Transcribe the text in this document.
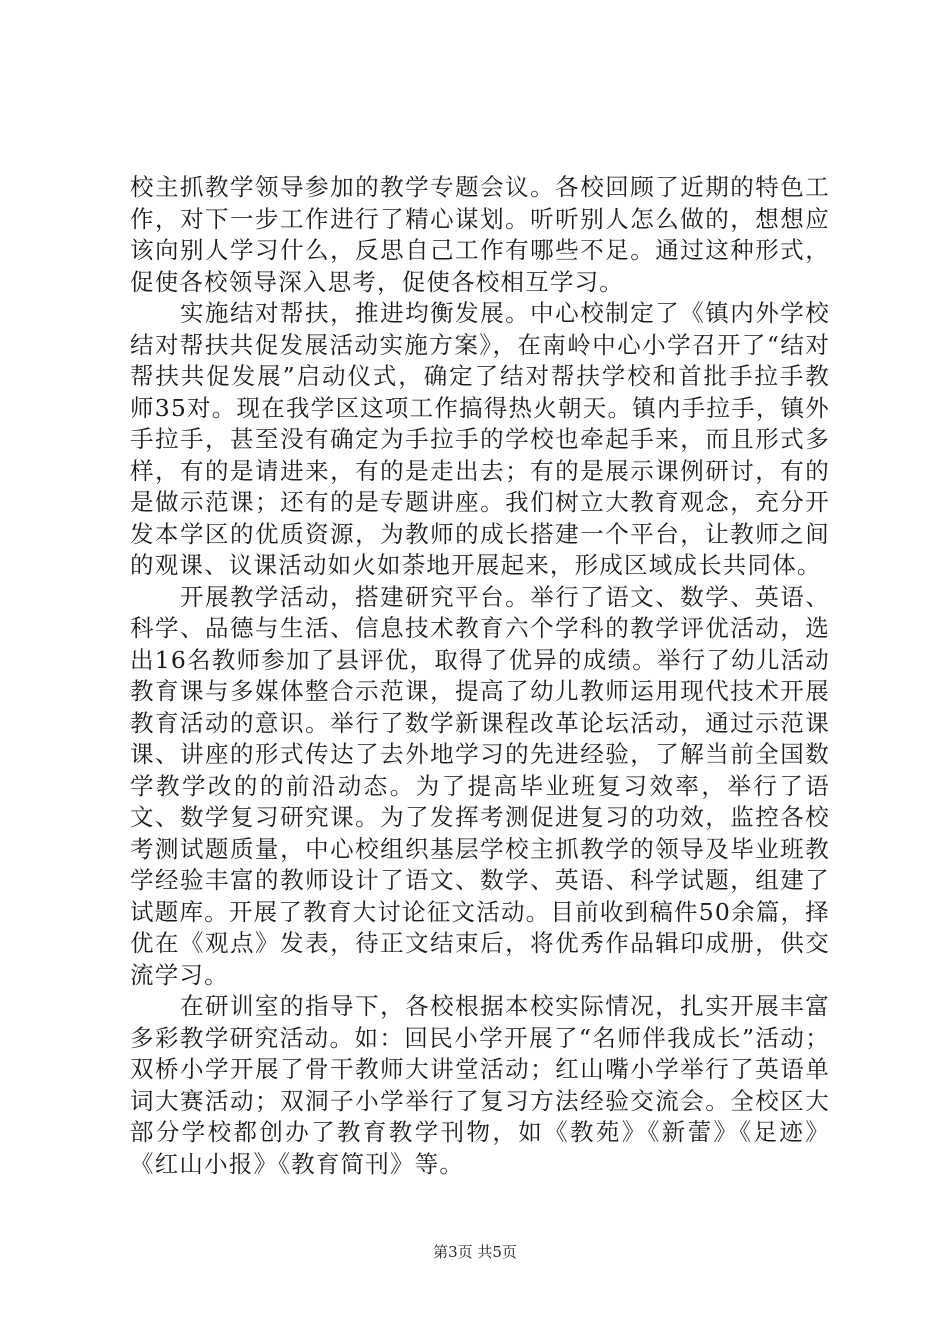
校主抓教学领导参加的教学专题会议。各校回顾了近期的特色工作，对下一步工作进行了精心谋划。听听别人怎么做的，想想应该向别人学习什么，反思自己工作有哪些不足。通过这种形式，促使各校领导深入思考，促使各校相互学习。

实施结对帮扶，推进均衡发展。中心校制定了《镇内外学校结对帮扶共促发展活动实施方案》，在南岭中心小学召开了“结对帮扶共促发展”启动仪式，确定了结对帮扶学校和首批手拉手教师35对。现在我学区这项工作搞得热火朝天。镇内手拉手，镇外手拉手，甚至没有确定为手拉手的学校也牵起手来，而且形式多样，有的是请进来，有的是走出去；有的是展示课例研讨，有的是做示范课；还有的是专题讲座。我们树立大教育观念，充分开发本学区的优质资源，为教师的成长搭建一个平台，让教师之间的观课、议课活动如火如荼地开展起来，形成区域成长共同体。

开展教学活动，搭建研究平台。举行了语文、数学、英语、科学、品德与生活、信息技术教育六个学科的教学评优活动，选出16名教师参加了县评优，取得了优异的成绩。举行了幼儿活动教育课与多媒体整合示范课，提高了幼儿教师运用现代技术开展教育活动的意识。举行了数学新课程改革论坛活动，通过示范课课、讲座的形式传达了去外地学习的先进经验，了解当前全国数学教学改的的前沿动态。为了提高毕业班复习效率，举行了语文、数学复习研究课。为了发挥考测促进复习的功效，监控各校考测试题质量，中心校组织基层学校主抓教学的领导及毕业班教学经验丰富的教师设计了语文、数学、英语、科学试题，组建了试题库。开展了教育大讨论征文活动。目前收到稿件50余篇，择优在《观点》发表，待正文结束后，将优秀作品辑印成册，供交流学习。

在研训室的指导下，各校根据本校实际情况，扎实开展丰富多彩教学研究活动。如：回民小学开展了“名师伴我成长”活动；双桥小学开展了骨干教师大讲堂活动；红山嘴小学举行了英语单词大赛活动；双洞子小学举行了复习方法经验交流会。全校区大部分学校都创办了教育教学刊物，如《教苑》《新蕾》《足迹》《红山小报》《教育简刊》等。

第3页 共5页
